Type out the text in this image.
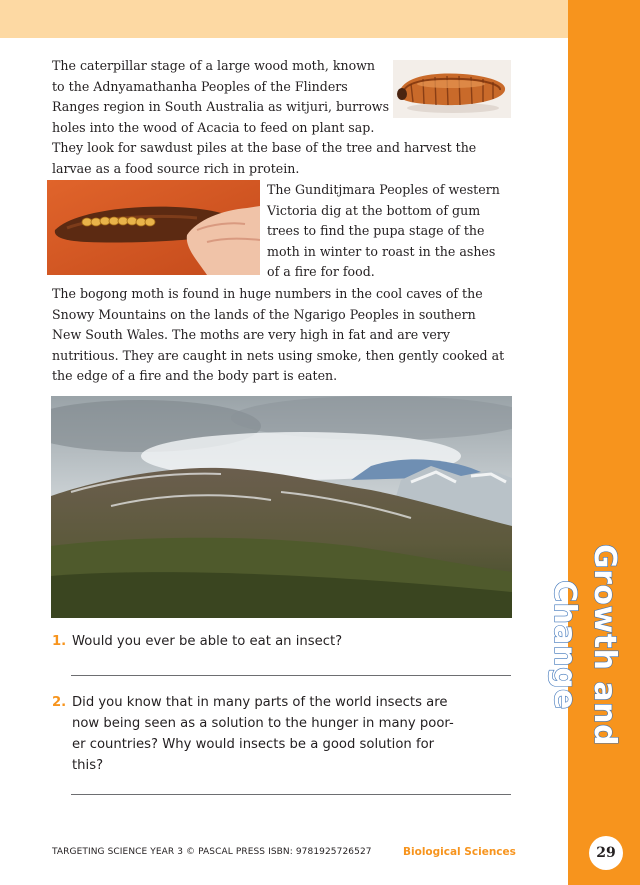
Growth and Change
29
The caterpillar stage of a large wood moth, known
to the Adnyamathanha Peoples of the Flinders
Ranges region in South Australia as witjuri, burrows
holes into the wood of Acacia to feed on plant sap.
They look for sawdust piles at the base of the tree and harvest the
larvae as a food source rich in protein.
The Gunditjmara Peoples of western
Victoria dig at the bottom of gum
trees to find the pupa stage of the
moth in winter to roast in the ashes
of a fire for food.
The bogong moth is found in huge numbers in the cool caves of the
Snowy Mountains on the lands of the Ngarigo Peoples in southern
New South Wales. The moths are very high in fat and are very
nutritious. They are caught in nets using smoke, then gently cooked at
the edge of a fire and the body part is eaten.
1. Would you ever be able to eat an insect?
2. Did you know that in many parts of the world insects are
now being seen as a solution to the hunger in many poor-
er countries? Why would insects be a good solution for
this?
TARGETING SCIENCE YEAR 3 © PASCAL PRESS ISBN: 9781925726527	Biological Sciences
